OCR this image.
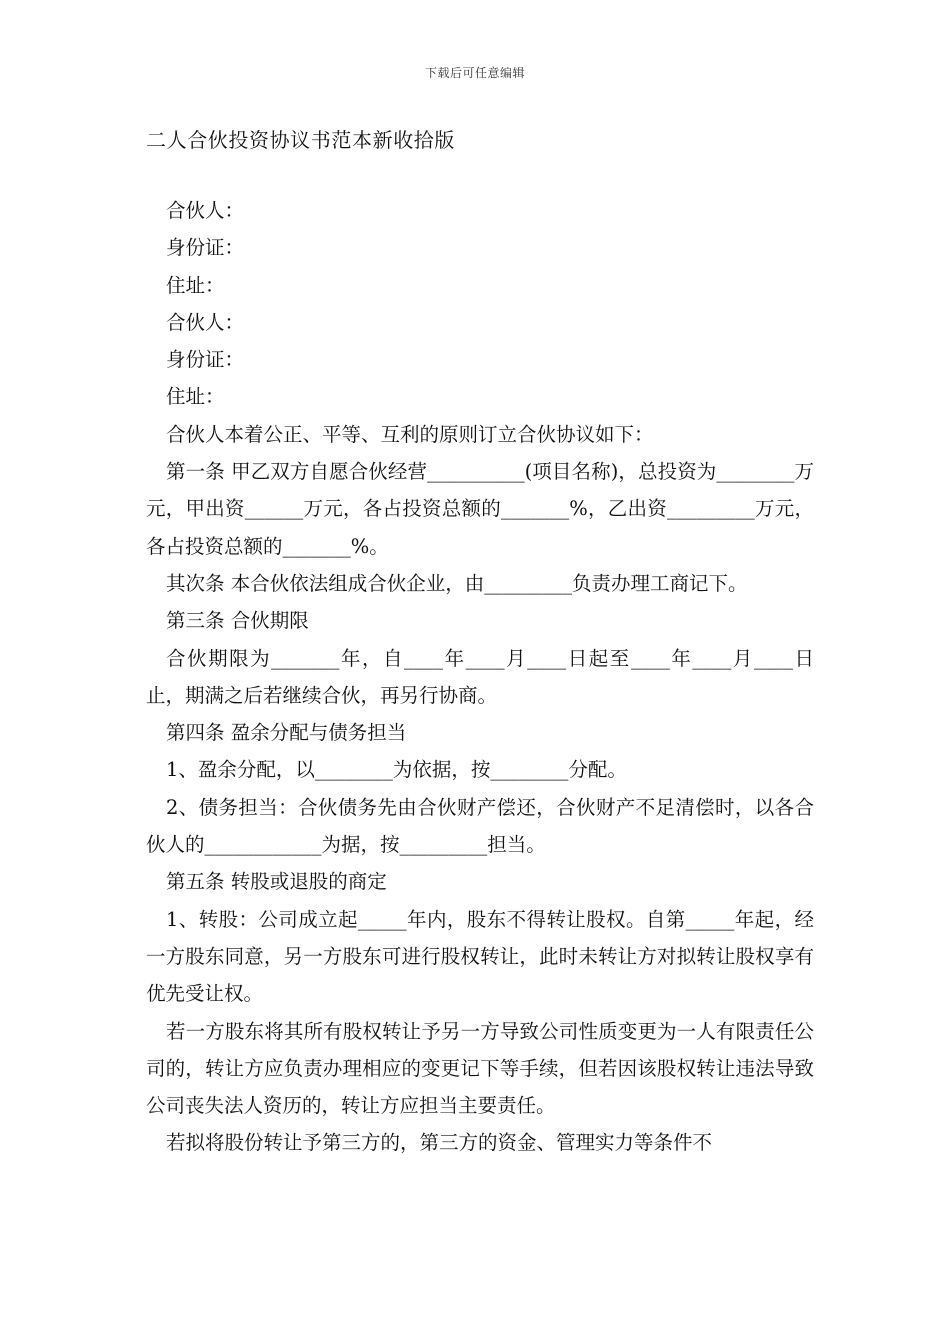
下载后可任意编辑
二人合伙投资协议书范本新收拾版

合伙人：

身份证：

住址：

合伙人：

身份证：

住址：

合伙人本着公正、平等、互利的原则订立合伙协议如下：

第一条 甲乙双方自愿合伙经营__________(项目名称)，总投资为________万元，甲出资______万元，各占投资总额的_______%，乙出资_________万元，各占投资总额的_______%。

其次条 本合伙依法组成合伙企业，由_________负责办理工商记下。

第三条 合伙期限

合伙期限为_______年，自____年____月____日起至____年____月____日止，期满之后若继续合伙，再另行协商。

第四条 盈余分配与债务担当

1、盈余分配，以________为依据，按________分配。

2、债务担当：合伙债务先由合伙财产偿还，合伙财产不足清偿时，以各合伙人的____________为据，按_________担当。

第五条 转股或退股的商定

1、转股：公司成立起_____年内，股东不得转让股权。自第_____年起，经一方股东同意，另一方股东可进行股权转让，此时未转让方对拟转让股权享有优先受让权。

若一方股东将其所有股权转让予另一方导致公司性质变更为一人有限责任公司的，转让方应负责办理相应的变更记下等手续，但若因该股权转让违法导致公司丧失法人资历的，转让方应担当主要责任。

若拟将股份转让予第三方的，第三方的资金、管理实力等条件不
